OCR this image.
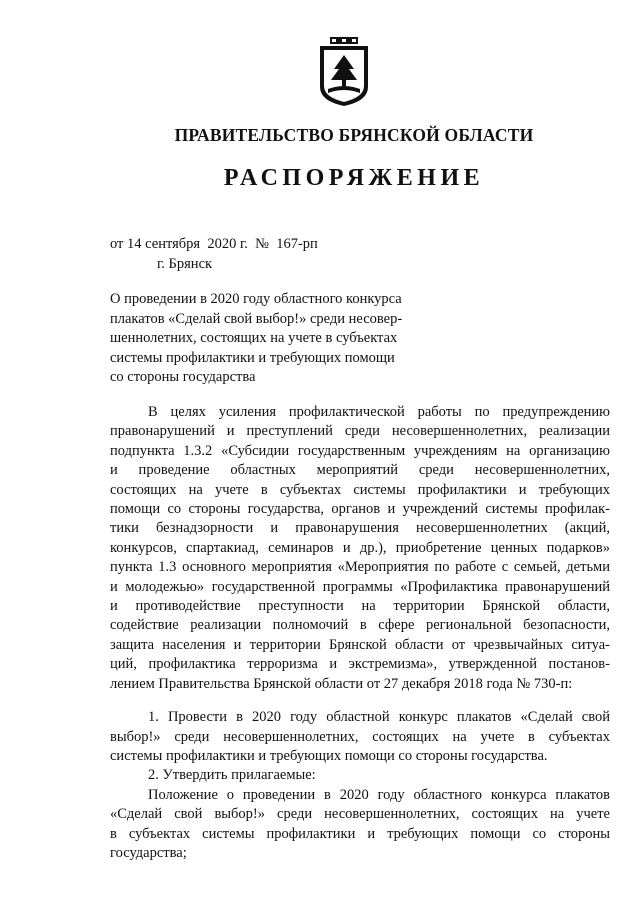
ПРАВИТЕЛЬСТВО БРЯНСКОЙ ОБЛАСТИ
РАСПОРЯЖЕНИЕ
от 14 сентября  2020 г.  №  167-рп
г. Брянск
О проведении в 2020 году областного конкурса
плакатов «Сделай свой выбор!» среди несовер-
шеннолетних, состоящих на учете в субъектах
системы профилактики и требующих помощи
со стороны государства
В целях усиления профилактической работы по предупреждению
правонарушений и преступлений среди несовершеннолетних, реализации
подпункта 1.3.2 «Субсидии государственным учреждениям на организацию
и проведение областных мероприятий среди несовершеннолетних,
состоящих на учете в субъектах системы профилактики и требующих
помощи со стороны государства, органов и учреждений системы профилак-
тики безнадзорности и правонарушения несовершеннолетних (акций,
конкурсов, спартакиад, семинаров и др.), приобретение ценных подарков»
пункта 1.3 основного мероприятия «Мероприятия по работе с семьей, детьми
и молодежью» государственной программы «Профилактика правонарушений
и противодействие преступности на территории Брянской области,
содействие реализации полномочий в сфере региональной безопасности,
защита населения и территории Брянской области от чрезвычайных ситуа-
ций, профилактика терроризма и экстремизма», утвержденной постанов-
лением Правительства Брянской области от 27 декабря 2018 года № 730-п:
1. Провести в 2020 году областной конкурс плакатов «Сделай свой
выбор!» среди несовершеннолетних, состоящих на учете в субъектах
системы профилактики и требующих помощи со стороны государства.
2. Утвердить прилагаемые:
Положение о проведении в 2020 году областного конкурса плакатов
«Сделай свой выбор!» среди несовершеннолетних, состоящих на учете
в субъектах системы профилактики и требующих помощи со стороны
государства;
